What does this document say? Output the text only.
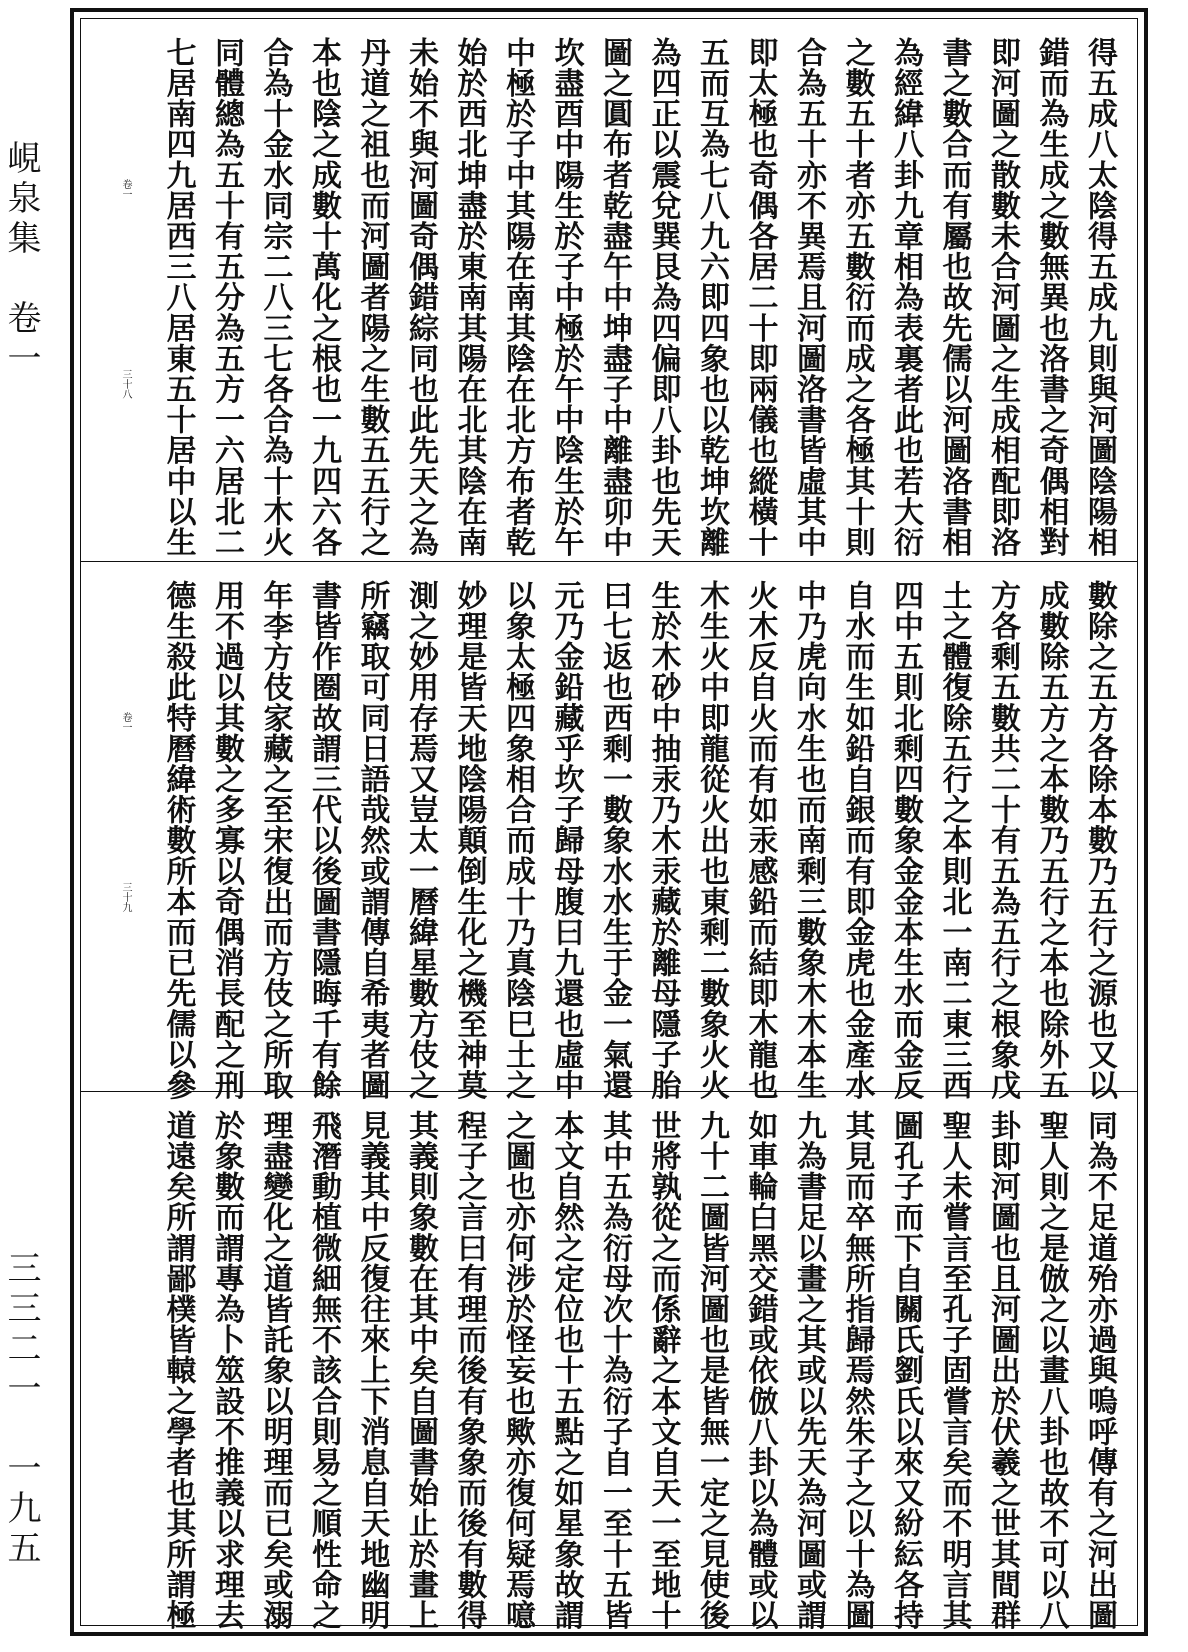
峴泉集　卷一
三三二一　一九五
得五成八太陰得五成九則與河圖陰陽相
錯而為生成之數無異也洛書之奇偶相對
即河圖之散數未合河圖之生成相配即洛
書之數合而有屬也故先儒以河圖洛書相
為經緯八卦九章相為表裏者此也若大衍
之數五十者亦五數衍而成之各極其十則
合為五十亦不異焉且河圖洛書皆虛其中
即太極也奇偶各居二十即兩儀也縱橫十
五而互為七八九六即四象也以乾坤坎離
為四正以震兌巽艮為四偏即八卦也先天
圖之圓布者乾盡午中坤盡子中離盡卯中
坎盡酉中陽生於子中極於午中陰生於午
中極於子中其陽在南其陰在北方布者乾
始於西北坤盡於東南其陽在北其陰在南
未始不與河圖奇偶錯綜同也此先天之為
丹道之祖也而河圖者陽之生數五五行之
本也陰之成數十萬化之根也一九四六各
合為十金水同宗二八三七各合為十木火
同體總為五十有五分為五方一六居北二
七居南四九居西三八居東五十居中以生
卷一
三十八
數除之五方各除本數乃五行之源也又以
成數除五方之本數乃五行之本也除外五
方各剩五數共二十有五為五行之根象戊
土之體復除五行之本則北一南二東三西
四中五則北剩四數象金金本生水而金反
自水而生如鉛自銀而有即金虎也金產水
中乃虎向水生也而南剩三數象木木本生
火木反自火而有如汞感鉛而結即木龍也
木生火中即龍從火出也東剩二數象火火
生於木砂中抽汞乃木汞藏於離母隱子胎
曰七返也西剩一數象水水生于金一氣還
元乃金鉛藏乎坎子歸母腹曰九還也虛中
以象太極四象相合而成十乃真陰巳土之
妙理是皆天地陰陽顛倒生化之機至神莫
測之妙用存焉又豈太一曆緯星數方伎之
所竊取可同日語哉然或謂傳自希夷者圖
書皆作圈故謂三代以後圖書隱晦千有餘
年李方伎家藏之至宋復出而方伎之所取
用不過以其數之多寡以奇偶消長配之刑
德生殺此特曆緯術數所本而已先儒以參
卷一
三十九
同為不足道殆亦過與嗚呼傳有之河出圖
聖人則之是倣之以畫八卦也故不可以八
卦即河圖也且河圖出於伏羲之世其間群
聖人未嘗言至孔子固嘗言矣而不明言其
圖孔子而下自關氏劉氏以來又紛紜各持
其見而卒無所指歸焉然朱子之以十為圖
九為書足以畫之其或以先天為河圖或謂
如車輪白黑交錯或依倣八卦以為體或以
九十二圖皆河圖也是皆無一定之見使後
世將孰從之而係辭之本文自天一至地十
其中五為衍母次十為衍子自一至十五皆
本文自然之定位也十五點之如星象故謂
之圖也亦何涉於怪妄也歟亦復何疑焉噫
程子之言曰有理而後有象象而後有數得
其義則象數在其中矣自圖書始止於畫上
見義其中反復往來上下消息自天地幽明
飛潛動植微細無不該合則易之順性命之
理盡變化之道皆託象以明理而已矣或溺
於象數而謂專為卜筮設不推義以求理去
道遠矣所謂鄙樸皆轅之學者也其所謂極
